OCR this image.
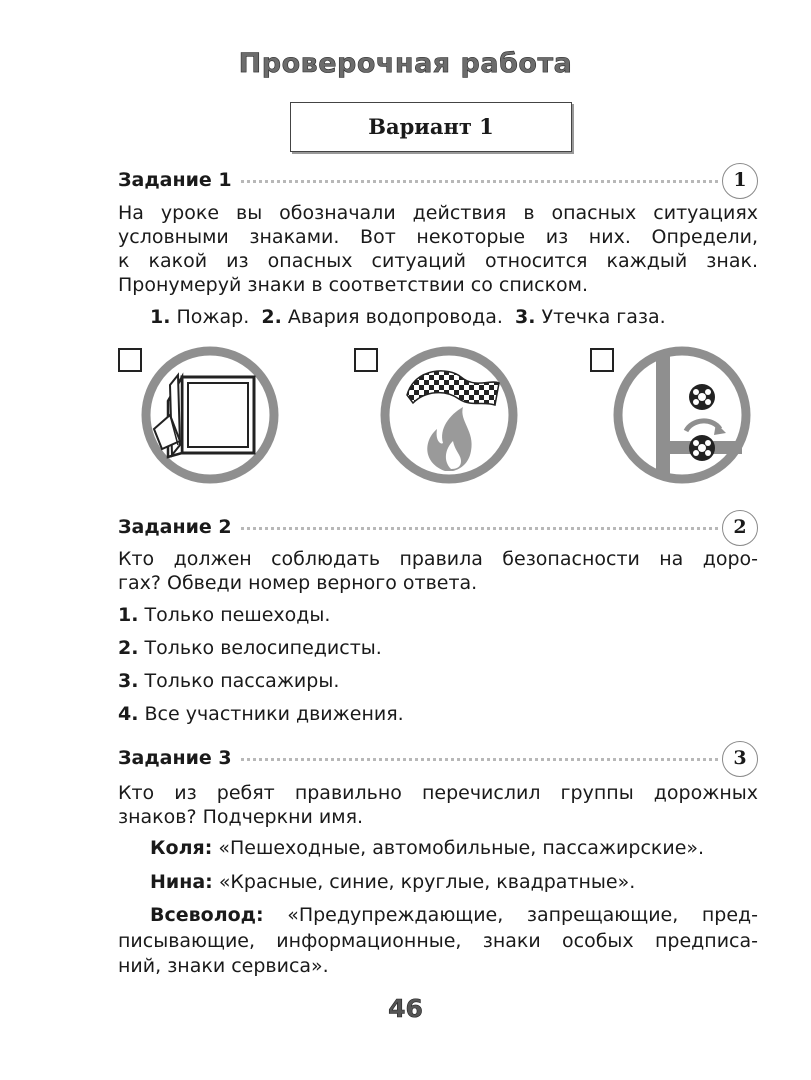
Проверочная работа
Вариант 1
Задание 1	1
На уроке вы обозначали действия в опасных ситуациях
условными знаками. Вот некоторые из них. Определи,
к какой из опасных ситуаций относится каждый знак.
Пронумеруй знаки в соответствии со списком.
1. Пожар. 2. Авария водопровода. 3. Утечка газа.
Задание 2	2
Кто должен соблюдать правила безопасности на доро-
гах? Обведи номер верного ответа.
1. Только пешеходы.
2. Только велосипедисты.
3. Только пассажиры.
4. Все участники движения.
Задание 3	3
Кто из ребят правильно перечислил группы дорожных
знаков? Подчеркни имя.
Коля: «Пешеходные, автомобильные, пассажирские».
Нина: «Красные, синие, круглые, квадратные».
Всеволод: «Предупреждающие, запрещающие, пред-
писывающие, информационные, знаки особых предписа-
ний, знаки сервиса».
46
